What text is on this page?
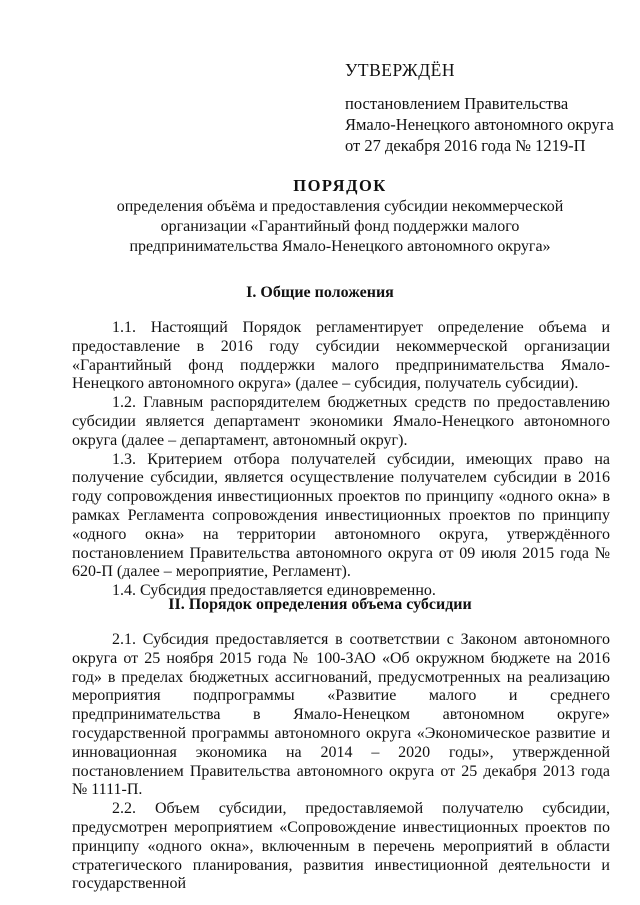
УТВЕРЖДЁН
постановлением Правительства
Ямало-Ненецкого автономного округа
от 27 декабря 2016 года № 1219-П
ПОРЯДОК
определения объёма и предоставления субсидии некоммерческой
организации «Гарантийный фонд поддержки малого
предпринимательства Ямало-Ненецкого автономного округа»
I. Общие положения

1.1. Настоящий Порядок регламентирует определение объема и предоставление в 2016 году субсидии некоммерческой организации «Гарантийный фонд поддержки малого предпринимательства Ямало-Ненецкого автономного округа» (далее – субсидия, получатель субсидии).

1.2. Главным распорядителем бюджетных средств по предоставлению субсидии является департамент экономики Ямало-Ненецкого автономного округа (далее – департамент, автономный округ).

1.3. Критерием отбора получателей субсидии, имеющих право на получение субсидии, является осуществление получателем субсидии в 2016 году сопровождения инвестиционных проектов по принципу «одного окна» в рамках Регламента сопровождения инвестиционных проектов по принципу «одного окна» на территории автономного округа, утверждённого постановлением Правительства автономного округа от 09 июля 2015 года № 620-П (далее – мероприятие, Регламент).

1.4. Субсидия предоставляется единовременно.

II. Порядок определения объема субсидии

2.1. Субсидия предоставляется в соответствии с Законом автономного округа от 25 ноября 2015 года № 100-ЗАО «Об окружном бюджете на 2016 год» в пределах бюджетных ассигнований, предусмотренных на реализацию мероприятия подпрограммы «Развитие малого и среднего предпринимательства в Ямало-Ненецком автономном округе» государственной программы автономного округа «Экономическое развитие и инновационная экономика на 2014 – 2020 годы», утвержденной постановлением Правительства автономного округа от 25 декабря 2013 года № 1111-П.

2.2. Объем субсидии, предоставляемой получателю субсидии, предусмотрен мероприятием «Сопровождение инвестиционных проектов по принципу «одного окна», включенным в перечень мероприятий в области стратегического планирования, развития инвестиционной деятельности и государственной
